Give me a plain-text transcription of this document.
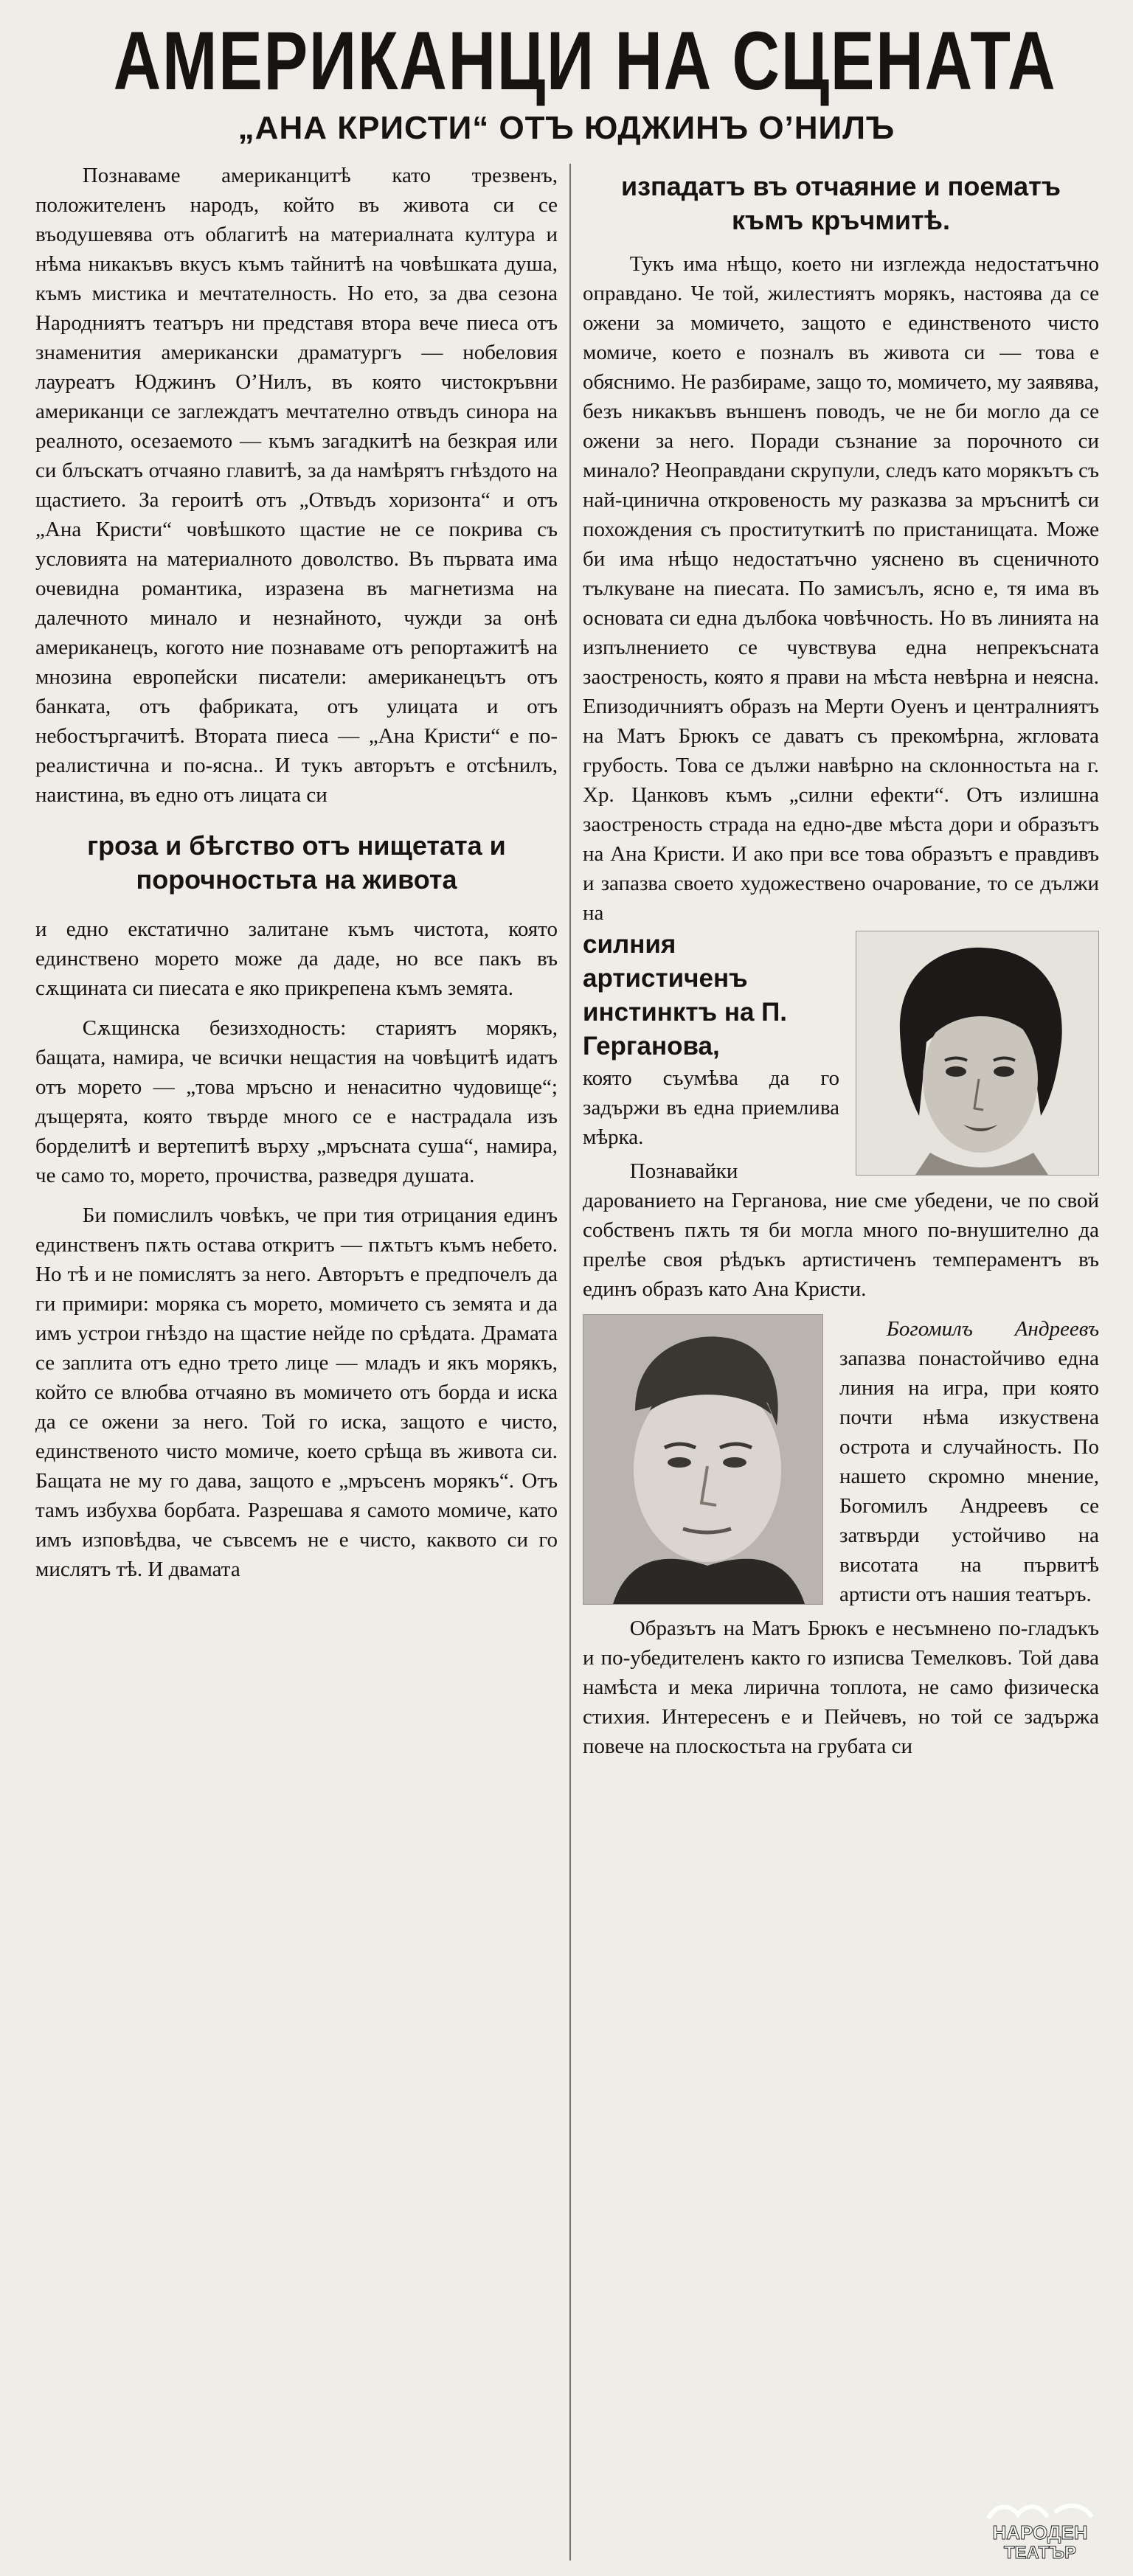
АМЕРИКАНЦИ НА СЦЕНАТА
„АНА КРИСТИ“ ОТЪ ЮДЖИНЪ О’НИЛЪ

Познаваме американцитѣ като трезвенъ, положителенъ народъ, който въ живота си се въодушевява отъ облагитѣ на материалната култура и нѣма никакъвъ вкусъ къмъ тайнитѣ на човѣшката душа, къмъ мистика и мечтателность. Но ето, за два сезона Народниятъ театъръ ни представя втора вече пиеса отъ знаменития американски драматургъ — нобеловия лауреатъ Юджинъ О’Нилъ, въ която чистокръвни американци се заглеждатъ мечтателно отвъдъ синора на реалното, осезаемото — къмъ загадкитѣ на безкрая или си блъскатъ отчаяно главитѣ, за да намѣрятъ гнѣздото на щастието. За героитѣ отъ „Отвъдъ хоризонта“ и отъ „Ана Кристи“ човѣшкото щастие не се покрива съ условията на материалното доволство. Въ първата има очевидна романтика, изразена въ магнетизма на далечното минало и незнайното, чужди за онѣ американецъ, когото ние познаваме отъ репортажитѣ на мнозина европейски писатели: американецътъ отъ банката, отъ фабриката, отъ улицата и отъ небостъргачитѣ. Втората пиеса — „Ана Кристи“ е по-реалистична и по-ясна.. И тукъ авторътъ е отсѣнилъ, наистина, въ едно отъ лицата си

гроза и бѣгство отъ нищетата и порочностьта на живота

и едно екстатично залитане къмъ чистота, която единствено морето може да даде, но все пакъ въ сѫщината си пиесата е яко прикрепена къмъ земята.

Сѫщинска безизходность: стариятъ морякъ, бащата, намира, че всички нещастия на човѣцитѣ идатъ отъ морето — „това мръсно и ненаситно чудовище“; дъщерята, която твърде много се е настрадала изъ борделитѣ и вертепитѣ върху „мръсната суша“, намира, че само то, морето, прочиства, разведря душата.

Би помислилъ човѣкъ, че при тия отрицания единъ единственъ пѫть остава откритъ — пѫтьтъ къмъ небето. Но тѣ и не помислятъ за него. Авторътъ е предпочелъ да ги примири: моряка съ морето, момичето съ земята и да имъ устрои гнѣздо на щастие нейде по срѣдата. Драмата се заплита отъ едно трето лице — младъ и якъ морякъ, който се влюбва отчаяно въ момичето отъ борда и иска да се ожени за него. Той го иска, защото е чисто, единственото чисто момиче, което срѣща въ живота си. Бащата не му го дава, защото е „мръсенъ морякъ“. Отъ тамъ избухва борбата. Разрешава я самото момиче, като имъ изповѣдва, че съвсемъ не е чисто, каквото си го мислятъ тѣ. И двамата

изпадатъ въ отчаяние и поематъ къмъ кръчмитѣ.

Тукъ има нѣщо, което ни изглежда недостатъчно оправдано. Че той, жилестиятъ морякъ, настоява да се ожени за момичето, защото е единственото чисто момиче, което е позналъ въ живота си — това е обяснимо. Не разбираме, защо то, момичето, му заявява, безъ никакъвъ външенъ поводъ, че не би могло да се ожени за него. Поради съзнание за порочното си минало? Неоправдани скрупули, следъ като морякътъ съ най-цинична откровеность му разказва за мръснитѣ си похождения съ проституткитѣ по пристанищата. Може би има нѣщо недостатъчно уяснено въ сценичното тълкуване на пиесата. По замисълъ, ясно е, тя има въ основата си една дълбока човѣчность. Но въ линията на изпълнението се чувствува една непрекъсната заостреность, която я прави на мѣста невѣрна и неясна. Епизодичниятъ образъ на Мерти Оуенъ и централниятъ на Матъ Брюкъ се даватъ съ прекомѣрна, жгловата грубость. Това се дължи навѣрно на склонностьта на г. Хр. Цанковъ къмъ „силни ефекти“. Отъ излишна заостреность страда на едно-две мѣста дори и образътъ на Ана Кристи. И ако при все това образътъ е правдивъ и запазва своето художествено очарование, то се дължи на

силния артистиченъ инстинктъ на П. Герганова,

която съумѣва да го задържи въ една приемлива мѣрка.

Познавайки дарованието на Герганова, ние сме убедени, че по свой собственъ пѫть тя би могла много по-внушително да прелѣе своя рѣдъкъ артистиченъ темпераментъ въ единъ образъ като Ана Кристи.

Богомилъ Андреевъ запазва понастойчиво една линия на игра, при която почти нѣма изкуствена острота и случайность. По нашето скромно мнение, Богомилъ Андреевъ се затвърди устойчиво на висотата на първитѣ артисти отъ нашия театъръ.

Образътъ на Матъ Брюкъ е несъмнено по-гладъкъ и по-убедителенъ както го изписва Темелковъ. Той дава намѣста и мека лирична топлота, не само физическа стихия. Интересенъ е и Пейчевъ, но той се задържа повече на плоскостьта на грубата си

НАРОДЕН
ТЕАТЪР
